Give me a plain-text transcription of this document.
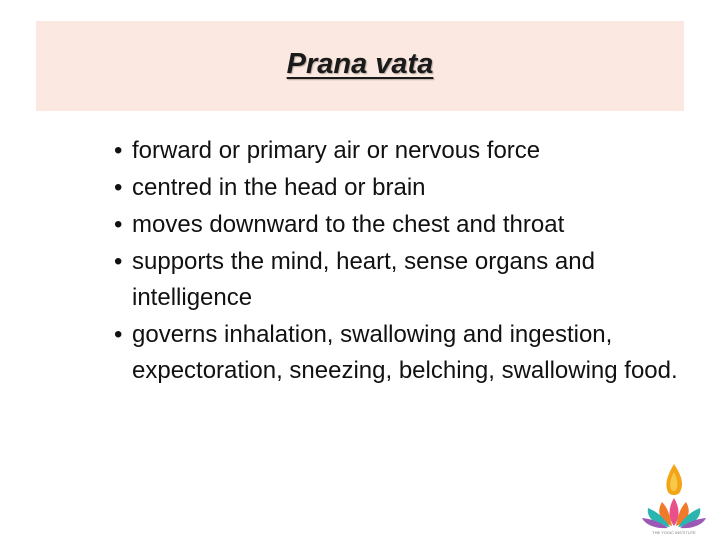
Prana vata
• forward or primary air or nervous force
• centred in the head or brain
• moves downward to the chest and throat
• supports the mind, heart, sense organs and intelligence
• governs inhalation, swallowing and ingestion, expectoration, sneezing, belching, swallowing food.
THE YOGIC INSTITUTE
